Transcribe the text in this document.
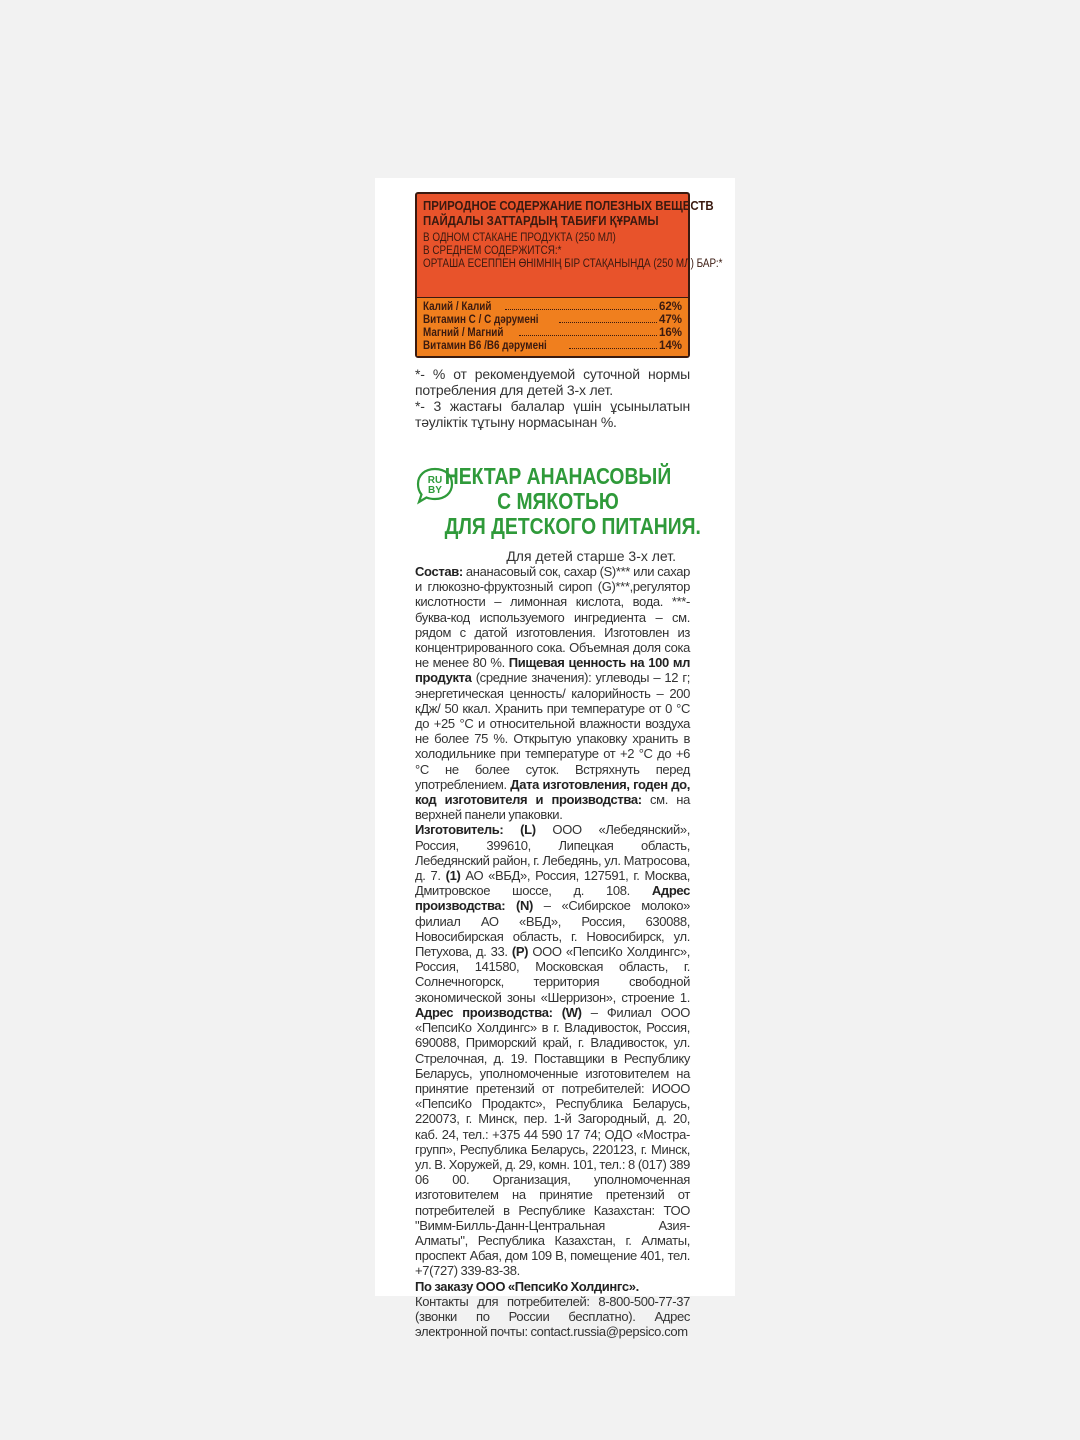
ПРИРОДНОЕ СОДЕРЖАНИЕ ПОЛЕЗНЫХ ВЕЩЕСТВ
ПАЙДАЛЫ ЗАТТАРДЫҢ ТАБИҒИ ҚҰРАМЫ
В ОДНОМ СТАКАНЕ ПРОДУКТА (250 МЛ)
В СРЕДНЕМ СОДЕРЖИТСЯ:*
ОРТАША ЕСЕППЕН ӨНІМНІҢ БІР СТАҚАНЫНДА (250 МЛ) БАР:*
Калий / Калий	62%
Витамин С / С дәрумені	47%
Магний / Магний	16%
Витамин В6 /В6 дәрумені	14%

*- % от рекомендуемой суточной нормы потребления для детей 3-х лет.

*- 3 жастағы балалар үшін ұсынылатын тәуліктік тұтыну нормасынан %.

RU
BY
НЕКТАР АНАНАСОВЫЙ
С МЯКОТЬЮ
ДЛЯ ДЕТСКОГО ПИТАНИЯ.
Для детей старше 3-х лет.

Состав: ананасовый сок, сахар (S)*** или сахар и глюкозно-фруктозный сироп (G)***,регулятор кислотности – лимонная кислота, вода. ***- буква-код используемого ингредиента – см. рядом с датой изготовления. Изготовлен из концентрированного сока. Объемная доля сока не менее 80 %. Пищевая ценность на 100 мл продукта (средние значения): углеводы – 12 г; энергетическая ценность/ калорийность – 200 кДж/ 50 ккал. Хранить при температуре от 0 °С до +25 °С и относительной влажности воздуха не более 75 %. Открытую упаковку хранить в холодильнике при температуре от +2 °С до +6 °С не более суток. Встряхнуть перед употреблением. Дата изготовления, годен до, код изготовителя и производства: см. на верхней панели упаковки.

Изготовитель: (L) ООО «Лебедянский», Россия, 399610, Липецкая область, Лебедянский район, г. Лебедянь, ул. Матросова, д. 7. (1) АО «ВБД», Россия, 127591, г. Москва, Дмитровское шоссе, д. 108. Адрес производства: (N) – «Сибирское молоко» филиал АО «ВБД», Россия, 630088, Новосибирская область, г. Новосибирск, ул. Петухова, д. 33. (P) ООО «ПепсиКо Холдингс», Россия, 141580, Московская область, г. Солнечногорск, территория свободной экономической зоны «Шерризон», строение 1. Адрес производства: (W) – Филиал ООО «ПепсиКо Холдингс» в г. Владивосток, Россия, 690088, Приморский край, г. Владивосток, ул. Стрелочная, д. 19. Поставщики в Республику Беларусь, уполномоченные изготовителем на принятие претензий от потребителей: ИООО «ПепсиКо Продактс», Республика Беларусь, 220073, г. Минск, пер. 1-й Загородный, д. 20, каб. 24, тел.: +375 44 590 17 74; ОДО «Мостра-групп», Республика Беларусь, 220123, г. Минск, ул. В. Хоружей, д. 29, комн. 101, тел.: 8 (017) 389 06 00. Организация, уполномоченная изготовителем на принятие претензий от потребителей в Республике Казахстан: ТОО "Вимм-Билль-Данн-Центральная Азия-Алматы", Республика Казахстан, г. Алматы, проспект Абая, дом 109 В, помещение 401, тел. +7(727) 339-83-38.

По заказу ООО «ПепсиКо Холдингс».

Контакты для потребителей: 8-800-500-77-37 (звонки по России бесплатно). Адрес электронной почты: contact.russia@pepsico.com
